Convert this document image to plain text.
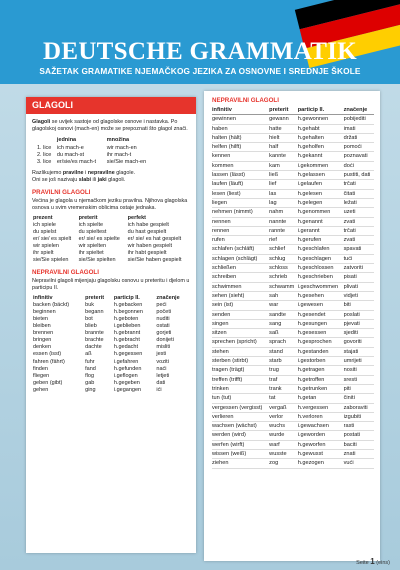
DEUTSCHE GRAMMATIK
SAŽETAK GRAMATIKE NJEMAČKOG JEZIKA ZA OSNOVNE I SREDNJE ŠKOLE
GLAGOLI
Glagoli se uvijek sastoje od glagolske osnove i nastavka. Po glagolskoj osnovi (mach-en) može se prepoznati što glagol znači.
	jednina	množina
1. lice	ich mach-e	wir mach-en
2. lice	du mach-st	ihr mach-t
3. lice	er/sie/es mach-t	sie/Sie mach-en
Razlikujemo pravilne i nepravilne glagole.
Oni se još nazivaju slabi ili jaki glagoli.
PRAVILNI GLAGOLI
Većina je glagola u njemačkom jeziku pravilna. Njihova glagolska osnova u svim vremenskim oblicima ostaje jednaka.
prezent	preterit	perfekt
ich spiele	ich spielte	ich habe gespielt
du spielst	du spieltest	du hast gespielt
er/ sie/ es spielt	er/ sie/ es spielte	er/ sie/ es hat gespielt
wir spielen	wir spielten	wir haben gespielt
ihr spielt	ihr spieltet	ihr habt gespielt
sie/Sie spielen	sie/Sie spielten	sie/Sie haben gespielt
NEPRAVILNI GLAGOLI
Nepravilni glagoli mijenjaju glagolsku osnovu u preteritu i djelom u participu II.
infinitiv	preterit	particip II.	značenje
backen (bäckt)	buk	h.gebacken	peći
beginnen	begann	h.begonnen	početi
bieten	bot	h.geboten	nuditi
bleiben	blieb	i.geblieben	ostati
brennen	brannte	h.gebrannt	gorjeti
bringen	brachte	h.gebracht	donijeti
denken	dachte	h.gedacht	misliti
essen (isst)	aß	h.gegessen	jesti
fahren (fährt)	fuhr	i.gefahren	voziti
finden	fand	h.gefunden	naći
fliegen	flog	i.geflogen	letjeti
geben (gibt)	gab	h.gegeben	dati
gehen	ging	i.gegangen	ići
NEPRAVILNI GLAGOLI
infinitiv	preterit	particip II.	značenje
gewinnen	gewann	h.gewonnen	pobijediti
haben	hatte	h.gehabt	imati
halten (hält)	hielt	h.gehalten	držati
helfen (hilft)	half	h.geholfen	pomoći
kennen	kannte	h.gekannt	poznavati
kommen	kam	i.gekommen	doći
lassen (lässt)	ließ	h.gelassen	pustiti, dati
laufen (läuft)	lief	i.gelaufen	trčati
lesen (liest)	las	h.gelesen	čitati
liegen	lag	h.gelegen	ležati
nehmen (nimmt)	nahm	h.genommen	uzeti
nennen	nannte	h.genannt	zvati
rennen	rannte	i.gerannt	trčati
rufen	rief	h.gerufen	zvati
schlafen (schläft)	schlief	h.geschlafen	spavati
schlagen (schlägt)	schlug	h.geschlagen	tući
schließen	schloss	h.geschlossen	zatvoriti
schreiben	schrieb	h.geschrieben	pisati
schwimmen	schwamm	i.geschwommen	plivati
sehen (sieht)	sah	h.gesehen	vidjeti
sein (ist)	war	i.gewesen	biti
senden	sandte	h.gesendet	poslati
singen	sang	h.gesungen	pjevati
sitzen	saß	h.gesessen	sjediti
sprechen (spricht)	sprach	h.gesprochen	govoriti
stehen	stand	h.gestanden	stajati
sterben (stirbt)	starb	i.gestorben	umrijeti
tragen (trägt)	trug	h.getragen	nositi
treffen (trifft)	traf	h.getroffen	sresti
trinken	trank	h.getrunken	piti
tun (tut)	tat	h.getan	činiti
vergessen (vergisst)	vergaß	h.vergessen	zaboraviti
verlieren	verlor	h.verloren	izgubiti
wachsen (wächst)	wuchs	i.gewachsen	rasti
werden (wird)	wurde	i.geworden	postati
werfen (wirft)	warf	h.geworfen	baciti
wissen (weiß)	wusste	h.gewusst	znati
ziehen	zog	h.gezogen	vući
Seite 1 (eins)
